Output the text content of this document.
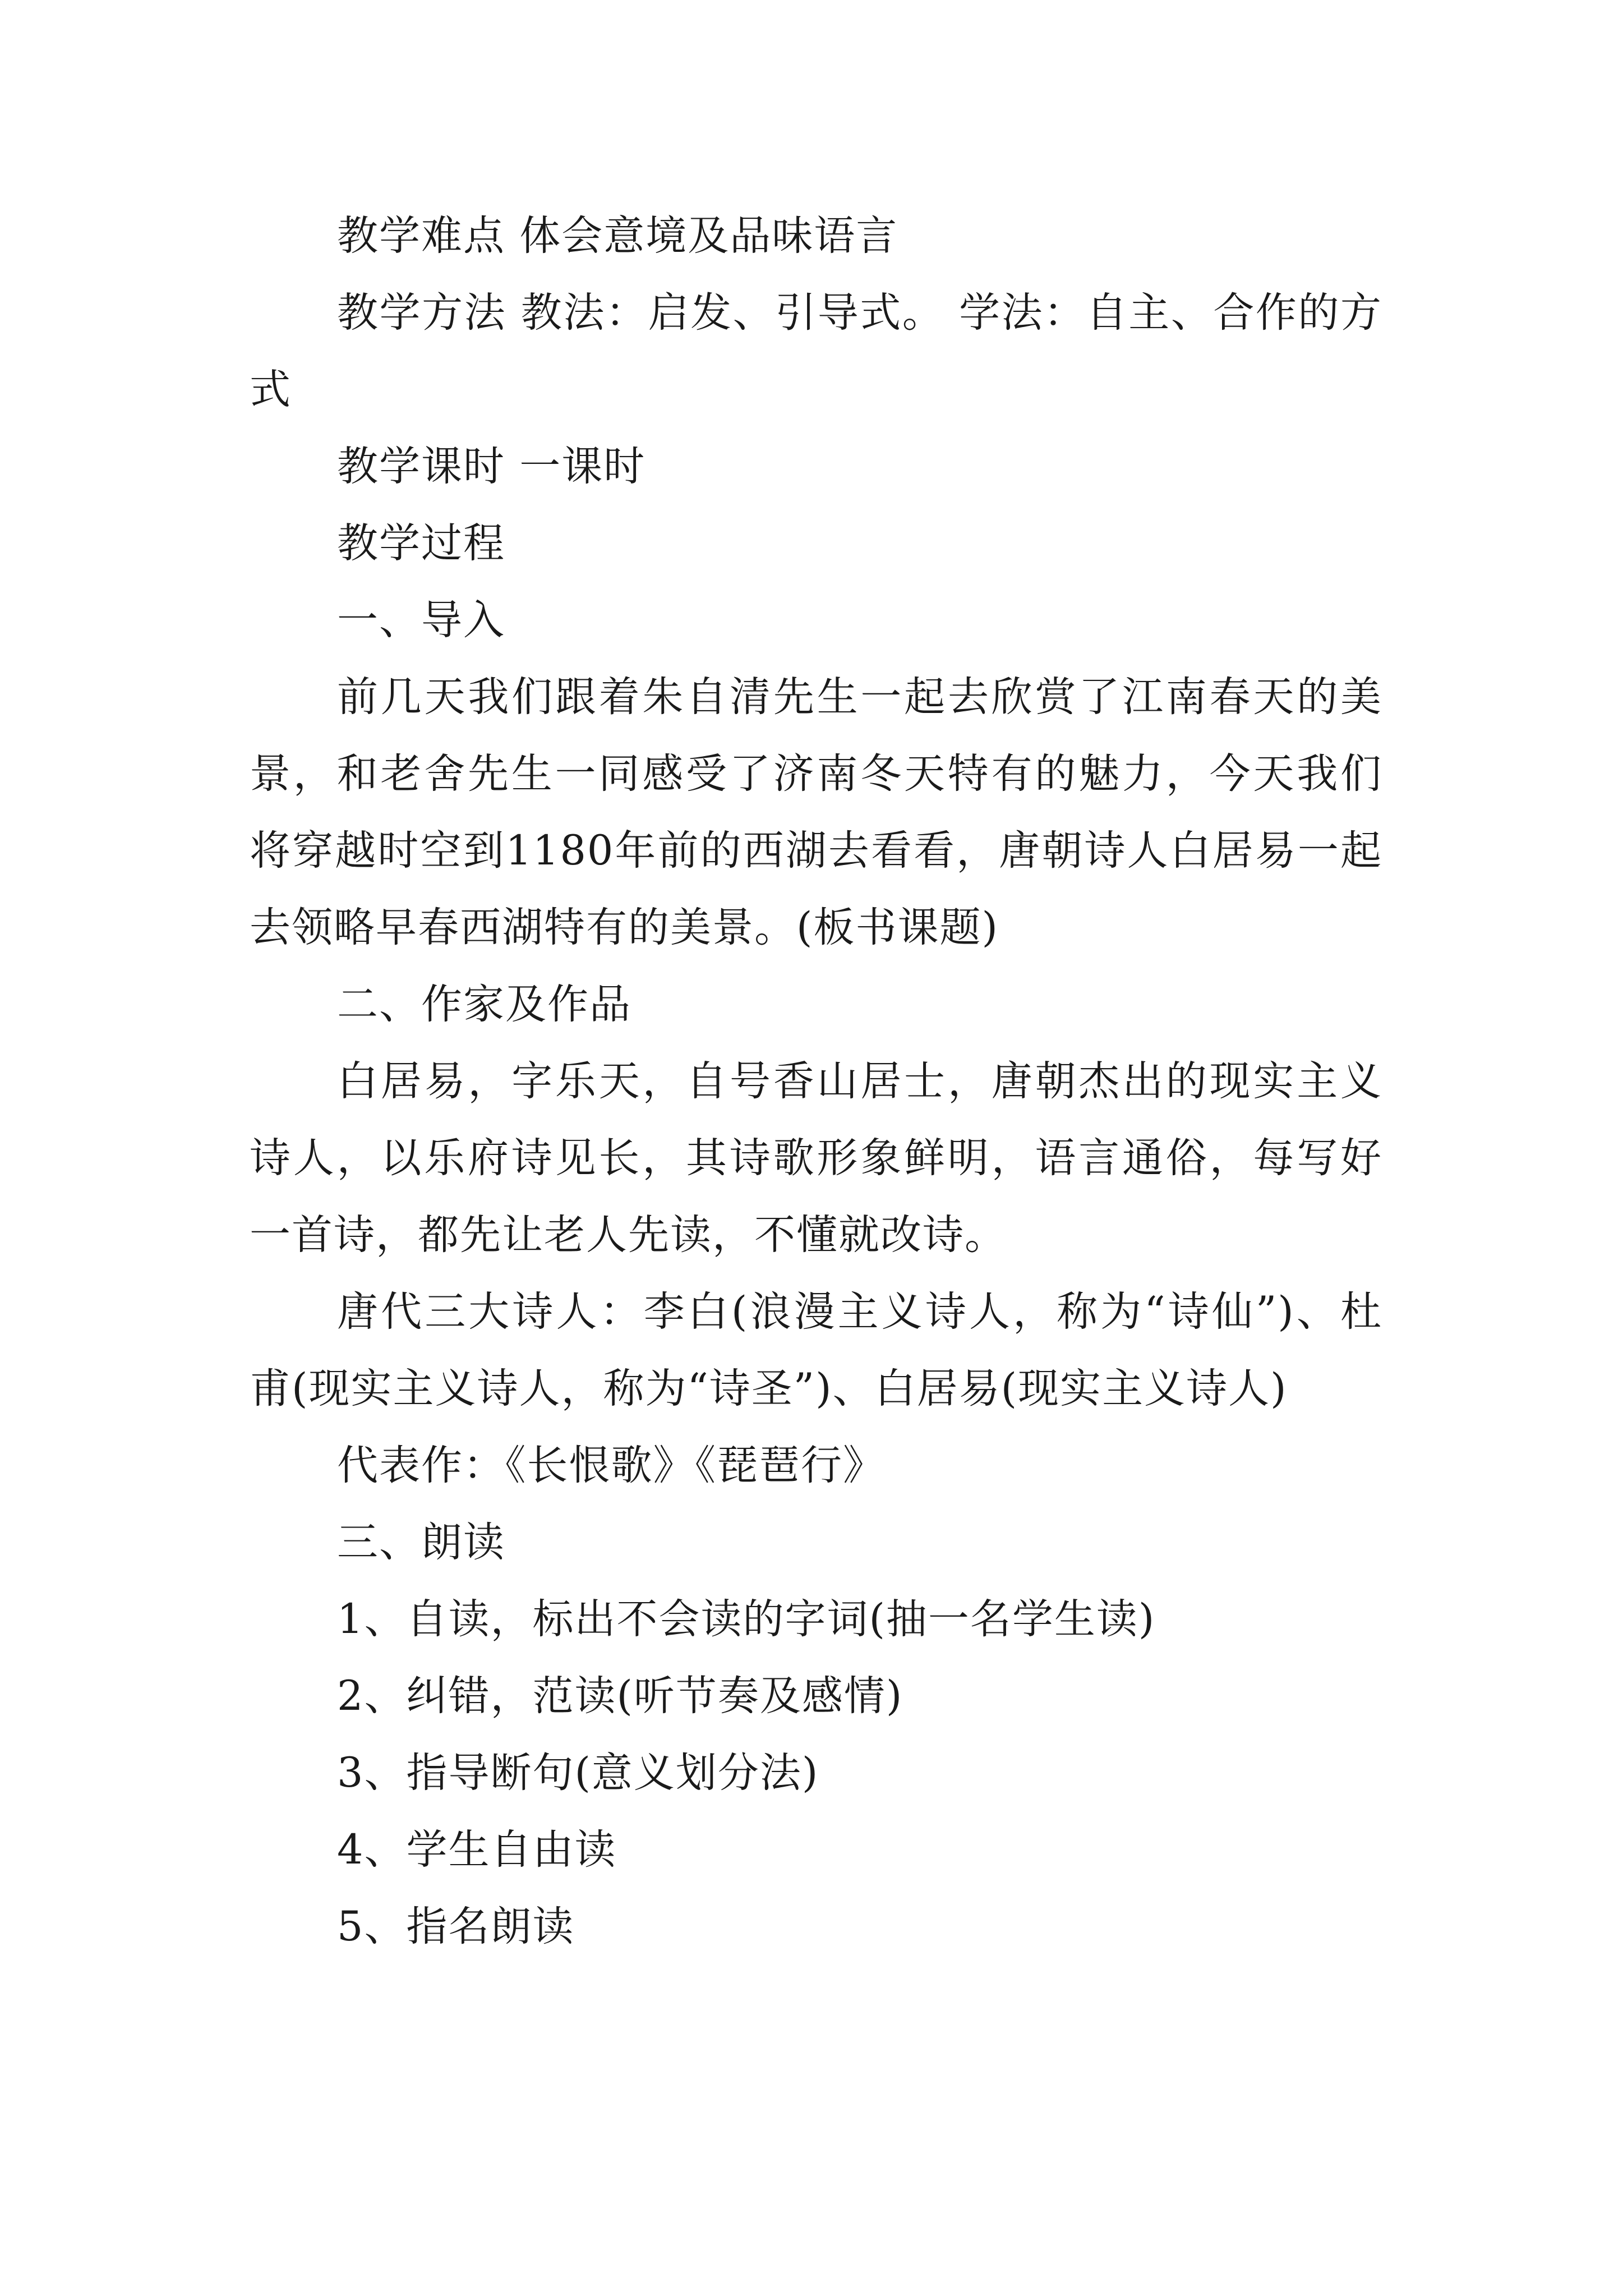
教学难点 体会意境及品味语言

教学方法 教法：启发、引导式。 学法：自主、合作的方式

教学课时 一课时

教学过程

一、导入

前几天我们跟着朱自清先生一起去欣赏了江南春天的美景，和老舍先生一同感受了济南冬天特有的魅力，今天我们将穿越时空到1180年前的西湖去看看，唐朝诗人白居易一起去领略早春西湖特有的美景。(板书课题)

二、作家及作品

白居易，字乐天，自号香山居士，唐朝杰出的现实主义诗人，以乐府诗见长，其诗歌形象鲜明，语言通俗，每写好一首诗，都先让老人先读，不懂就改诗。

唐代三大诗人：李白(浪漫主义诗人，称为“诗仙”)、杜甫(现实主义诗人，称为“诗圣”)、白居易(现实主义诗人)

代表作：《长恨歌》《琵琶行》

三、朗读

1、自读，标出不会读的字词(抽一名学生读)

2、纠错，范读(听节奏及感情)

3、指导断句(意义划分法)

4、学生自由读

5、指名朗读
